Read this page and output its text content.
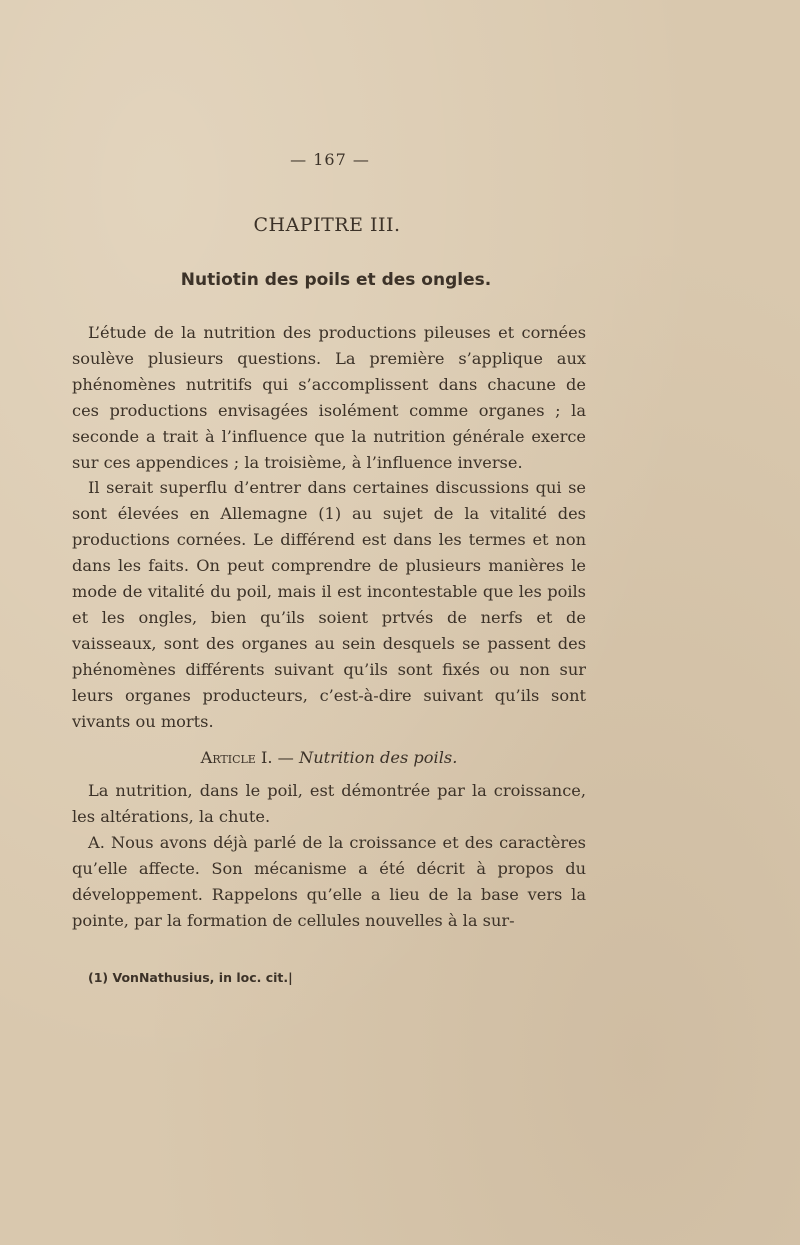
— 167 —
CHAPITRE III.
Nutiotin des poils et des ongles.

L’étude de la nutrition des productions pileuses et cornées soulève plusieurs questions. La première s’applique aux phénomènes nutritifs qui s’accomplissent dans chacune de ces productions envisagées isolément comme organes ; la seconde a trait à l’influence que la nutrition générale exerce sur ces appendices ; la troisième, à l’influence inverse.

Il serait superflu d’entrer dans certaines discussions qui se sont élevées en Allemagne (1) au sujet de la vitalité des productions cornées. Le différend est dans les termes et non dans les faits. On peut comprendre de plusieurs manières le mode de vitalité du poil, mais il est incontestable que les poils et les ongles, bien qu’ils soient prtvés de nerfs et de vaisseaux, sont des organes au sein desquels se passent des phénomènes différents suivant qu’ils sont fixés ou non sur leurs organes producteurs, c’est-à-dire suivant qu’ils sont vivants ou morts.

Article I. — Nutrition des poils.

La nutrition, dans le poil, est démontrée par la croissance, les altérations, la chute.

A. Nous avons déjà parlé de la croissance et des caractères qu’elle affecte. Son mécanisme a été décrit à propos du développement. Rappelons qu’elle a lieu de la base vers la pointe, par la formation de cellules nouvelles à la sur-

(1) VonNathusius, in loc. cit.|
